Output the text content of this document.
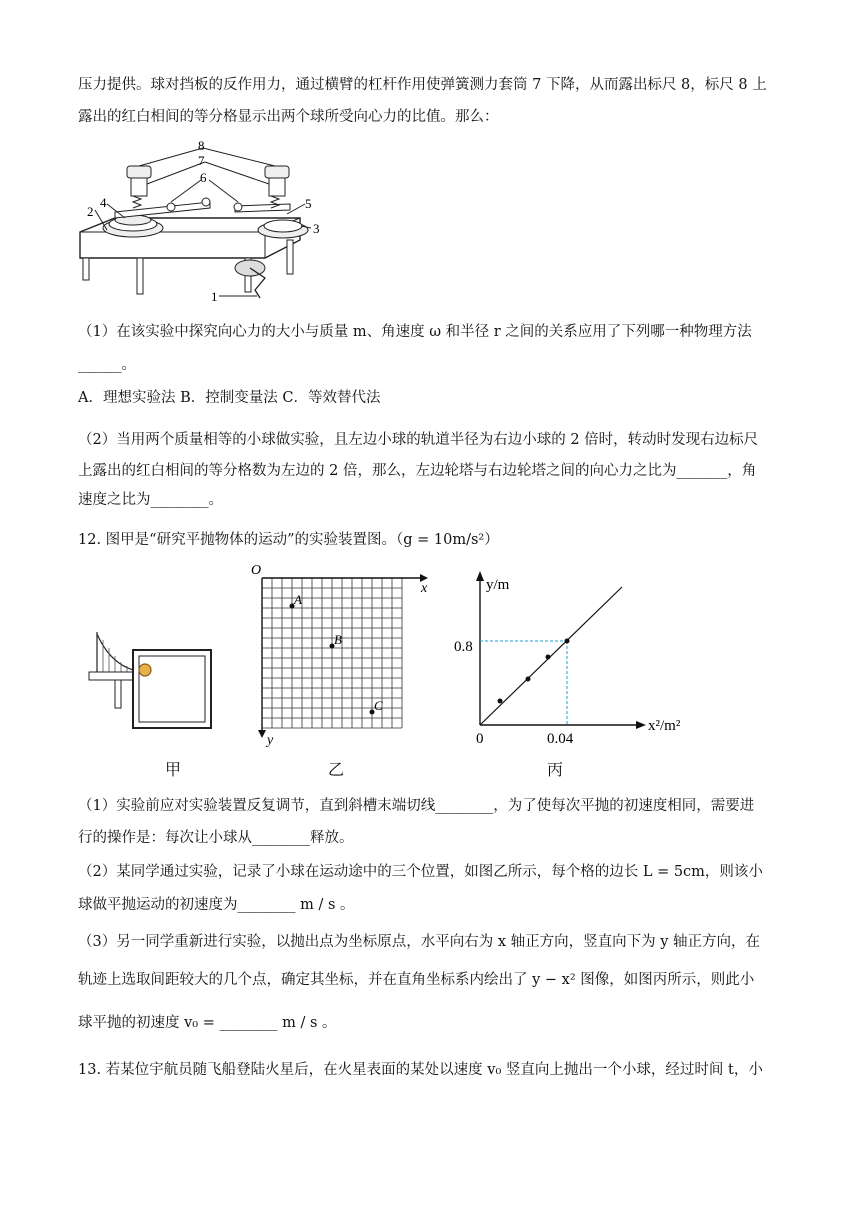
压力提供。球对挡板的反作用力，通过横臂的杠杆作用使弹簧测力套筒 7 下降，从而露出标尺 8，标尺 8 上
露出的红白相间的等分格显示出两个球所受向心力的比值。那么：
8
7
6
5
4
3
2
1
（1）在该实验中探究向心力的大小与质量 m、角速度 ω 和半径 r 之间的关系应用了下列哪一种物理方法
______。
A．理想实验法 B．控制变量法 C．等效替代法
（2）当用两个质量相等的小球做实验，且左边小球的轨道半径为右边小球的 2 倍时，转动时发现右边标尺
上露出的红白相间的等分格数为左边的 2 倍，那么，左边轮塔与右边轮塔之间的向心力之比为_______，角
速度之比为________。
12. 图甲是“研究平抛物体的运动”的实验装置图。（g = 10m/s²）
甲
O
x
y
A
B
C
乙
y/m
0.8
0	0.04
x²/m²
丙
（1）实验前应对实验装置反复调节，直到斜槽末端切线________，为了使每次平抛的初速度相同，需要进
行的操作是：每次让小球从________释放。
（2）某同学通过实验，记录了小球在运动途中的三个位置，如图乙所示，每个格的边长 L = 5cm，则该小
球做平抛运动的初速度为________ m / s 。
（3）另一同学重新进行实验，以抛出点为坐标原点，水平向右为 x 轴正方向，竖直向下为 y 轴正方向，在
轨迹上选取间距较大的几个点，确定其坐标，并在直角坐标系内绘出了 y − x² 图像，如图丙所示，则此小
球平抛的初速度 v₀ = ________ m / s 。
13. 若某位宇航员随飞船登陆火星后，在火星表面的某处以速度 v₀ 竖直向上抛出一个小球，经过时间 t，小
